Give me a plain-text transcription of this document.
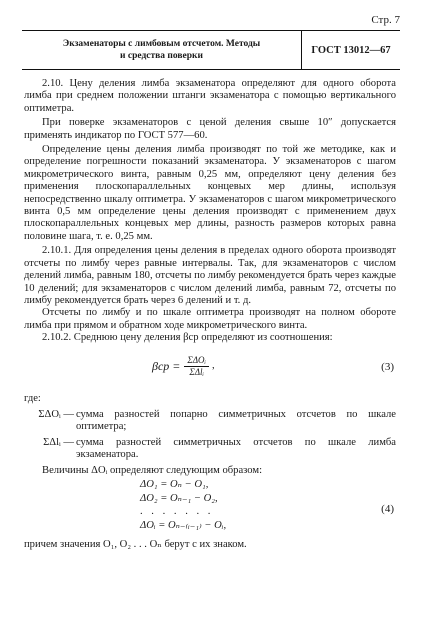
Стр. 7
Экзаменаторы с лимбовым отсчетом. Методы
и средства поверки
ГОСТ 13012—67

2.10. Цену деления лимба экзаменатора определяют для одного оборота лимба при среднем положении штанги экзаменатора с помощью вертикального оптиметра.

При поверке экзаменаторов с ценой деления свыше 10″ допускается применять индикатор по ГОСТ 577—60.

Определение цены деления лимба производят по той же методике, как и определение погрешности показаний экзаменатора. У экзаменаторов с шагом микрометрического винта, равным 0,25 мм, определяют цену деления без применения плоскопараллельных концевых мер длины, используя непосредственно шкалу оптиметра. У экзаменаторов с шагом микрометрического винта 0,5 мм определение цены деления производят с применением двух плоскопараллельных концевых мер длины, разность размеров которых равна половине шага, т. е. 0,25 мм.

2.10.1. Для определения цены деления в пределах одного оборота производят отсчеты по лимбу через равные интервалы. Так, для экзаменаторов с числом делений лимба, равным 180, отсчеты по лимбу рекомендуется брать через каждые 10 делений; для экзаменаторов с числом делений лимба, равным 72, отсчеты по лимбу рекомендуется брать через 6 делений и т. д.

Отсчеты по лимбу и по шкале оптиметра производят на полном обороте лимба при прямом и обратном ходе микрометрического винта.

2.10.2. Среднюю цену деления βср определяют из соотношения:

$\beta ср = \frac{\text{ΣΔOᵢ}}{\text{ΣΔlᵢ}}$ ,	(3)

где:

ΣΔOᵢ — сумма разностей попарно симметричных отсчетов по шкале оптиметра;
ΣΔlᵢ — сумма разностей симметричных отсчетов по шкале лимба экзаменатора.

Величины ΔOᵢ определяют следующим образом:

ΔO₁ = Oₙ − O₁,
ΔO₂ = Oₙ₋₁ − O₂,
. . . . . . .
ΔOᵢ = Oₙ₋₍ᵢ₋₁₎ − Oᵢ,
(4)

причем значения O₁, O₂ . . . Oₙ берут с их знаком.
